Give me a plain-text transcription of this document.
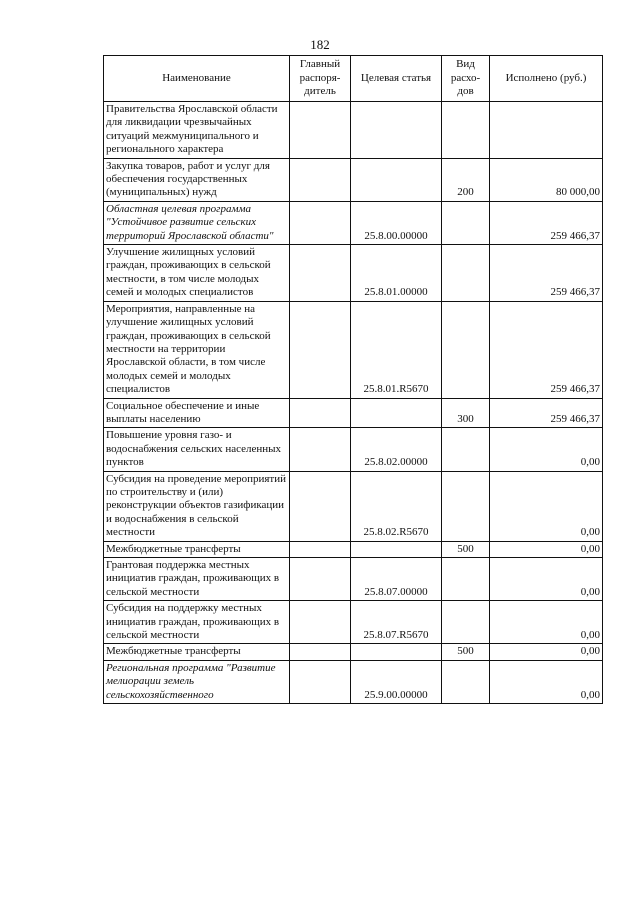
182
Наименование	Главный распоря-дитель	Целевая статья	Вид расхо-дов	Исполнено (руб.)
Правительства Ярославской области для ликвидации чрезвычайных ситуаций межмуниципального и регионального характера				
Закупка товаров, работ и услуг для обеспечения государственных (муниципальных) нужд			200	80 000,00
Областная целевая программа "Устойчивое развитие сельских территорий Ярославской области"		25.8.00.00000		259 466,37
Улучшение жилищных условий граждан, проживающих в сельской местности, в том числе молодых семей и молодых специалистов		25.8.01.00000		259 466,37
Мероприятия, направленные на улучшение жилищных условий граждан, проживающих в сельской местности на территории Ярославской области, в том числе молодых семей и молодых специалистов		25.8.01.R5670		259 466,37
Социальное обеспечение и иные выплаты населению			300	259 466,37
Повышение уровня газо- и водоснабжения сельских населенных пунктов		25.8.02.00000		0,00
Субсидия на проведение мероприятий по строительству и (или) реконструкции объектов газификации и водоснабжения в сельской местности		25.8.02.R5670		0,00
Межбюджетные трансферты			500	0,00
Грантовая поддержка местных инициатив граждан, проживающих в сельской местности		25.8.07.00000		0,00
Субсидия на поддержку местных инициатив граждан, проживающих в сельской местности		25.8.07.R5670		0,00
Межбюджетные трансферты			500	0,00
Региональная программа "Развитие мелиорации земель сельскохозяйственного		25.9.00.00000		0,00
